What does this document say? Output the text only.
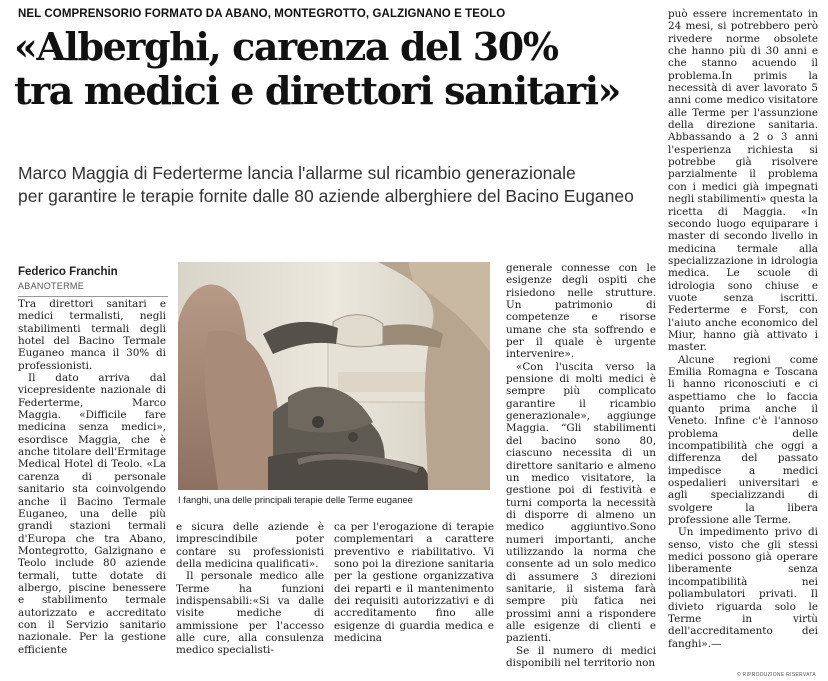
NEL COMPRENSORIO FORMATO DA ABANO, MONTEGROTTO, GALZIGNANO E TEOLO
«Alberghi, carenza del 30%
tra medici e direttori sanitari»
Marco Maggia di Federterme lancia l'allarme sul ricambio generazionale
per garantire le terapie fornite dalle 80 aziende alberghiere del Bacino Euganeo
Federico Franchin
ABANOTERME

Tra direttori sanitari e medici termalisti, negli stabilimenti termali degli hotel del Bacino Termale Euganeo manca il 30% di professionisti.

Il dato arriva dal vicepresidente nazionale di Federterme, Marco Maggia. «Difficile fare medicina senza medici», esordisce Maggia, che è anche titolare dell'Ermitage Medical Hotel di Teolo. «La carenza di personale sanitario sta coinvolgendo anche il Bacino Termale Euganeo, una delle più grandi stazioni termali d'Europa che tra Abano, Montegrotto, Galzignano e Teolo include 80 aziende termali, tutte dotate di albergo, piscine benessere e stabilimento termale autorizzato e accreditato con il Servizio sanitario nazionale. Per la gestione efficiente

I fanghi, una delle principali terapie delle Terme euganee

e sicura delle aziende è imprescindibile poter contare su professionisti della medicina qualificati».

Il personale medico alle Terme ha funzioni indispensabili:«Si va dalle visite mediche di ammissione per l'accesso alle cure, alla consulenza medico specialisti-

ca per l'erogazione di terapie complementari a carattere preventivo e riabilitativo. Vi sono poi la direzione sanitaria per la gestione organizzativa dei reparti e il mantenimento dei requisiti autorizzativi e di accreditamento fino alle esigenze di guardia medica e medicina

generale connesse con le esigenze degli ospiti che risiedono nelle strutture. Un patrimonio di competenze e risorse umane che sta soffrendo e per il quale è urgente intervenire».

«Con l'uscita verso la pensione di molti medici è sempre più complicato garantire il ricambio generazionale», aggiunge Maggia. “Gli stabilimenti del bacino sono 80, ciascuno necessita di un direttore sanitario e almeno un medico visitatore, la gestione poi di festività e turni comporta la necessità di disporre di almeno un medico aggiuntivo.Sono numeri importanti, anche utilizzando la norma che consente ad un solo medico di assumere 3 direzioni sanitarie, il sistema farà sempre più fatica nei prossimi anni a rispondere alle esigenze di clienti e pazienti.

Se il numero di medici disponibili nel territorio non

può essere incrementato in 24 mesi, si potrebbero però rivedere norme obsolete che hanno più di 30 anni e che stanno acuendo il problema.In primis la necessità di aver lavorato 5 anni come medico visitatore alle Terme per l'assunzione della direzione sanitaria. Abbassando a 2 o 3 anni l'esperienza richiesta si potrebbe già risolvere parzialmente il problema con i medici già impegnati negli stabilimenti» questa la ricetta di Maggia. «In secondo luogo equiparare i master di secondo livello in medicina termale alla specializzazione in idrologia medica. Le scuole di idrologia sono chiuse e vuote senza iscritti. Federterme e Forst, con l'aiuto anche economico del Miur, hanno già attivato i master.

Alcune regioni come Emilia Romagna e Toscana li hanno riconosciuti e ci aspettiamo che lo faccia quanto prima anche il Veneto. Infine c'è l'annoso problema delle incompatibilità che oggi a differenza del passato impedisce a medici ospedalieri universitari e agli specializzandi di svolgere la libera professione alle Terme.

Un impedimento privo di senso, visto che gli stessi medici possono già operare liberamente senza incompatibilità nei poliambulatori privati. Il divieto riguarda solo le Terme in virtù dell'accreditamento dei fanghi».—

© RIPRODUZIONE RISERVATA
